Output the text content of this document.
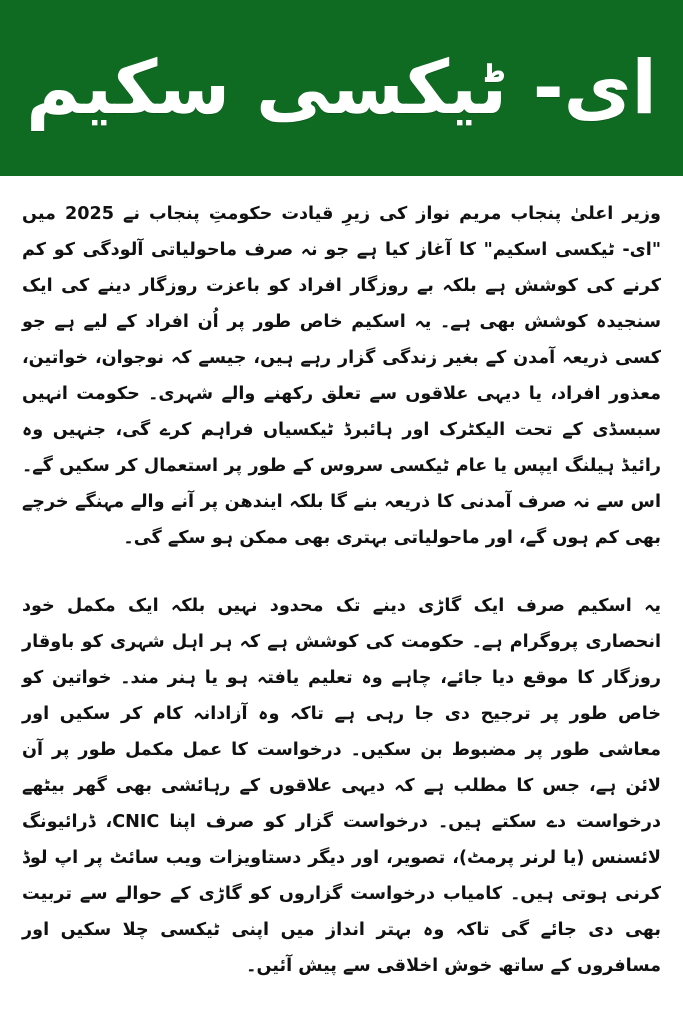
ای- ٹیکسی سکیم

وزیر اعلیٰ پنجاب مریم نواز کی زیرِ قیادت حکومتِ پنجاب نے 2025 میں "ای- ٹیکسی اسکیم" کا آغاز کیا ہے جو نہ صرف ماحولیاتی آلودگی کو کم کرنے کی کوشش ہے بلکہ بے روزگار افراد کو باعزت روزگار دینے کی ایک سنجیدہ کوشش بھی ہے۔ یہ اسکیم خاص طور پر اُن افراد کے لیے ہے جو کسی ذریعہ آمدن کے بغیر زندگی گزار رہے ہیں، جیسے کہ نوجوان، خواتین، معذور افراد، یا دیہی علاقوں سے تعلق رکھنے والے شہری۔ حکومت انہیں سبسڈی کے تحت الیکٹرک اور ہائبرڈ ٹیکسیاں فراہم کرے گی، جنہیں وہ رائیڈ ہیلنگ ایپس یا عام ٹیکسی سروس کے طور پر استعمال کر سکیں گے۔ اس سے نہ صرف آمدنی کا ذریعہ بنے گا بلکہ ایندھن پر آنے والے مہنگے خرچے بھی کم ہوں گے، اور ماحولیاتی بہتری بھی ممکن ہو سکے گی۔

یہ اسکیم صرف ایک گاڑی دینے تک محدود نہیں بلکہ ایک مکمل خود انحصاری پروگرام ہے۔ حکومت کی کوشش ہے کہ ہر اہل شہری کو باوقار روزگار کا موقع دیا جائے، چاہے وہ تعلیم یافتہ ہو یا ہنر مند۔ خواتین کو خاص طور پر ترجیح دی جا رہی ہے تاکہ وہ آزادانہ کام کر سکیں اور معاشی طور پر مضبوط بن سکیں۔ درخواست کا عمل مکمل طور پر آن لائن ہے، جس کا مطلب ہے کہ دیہی علاقوں کے رہائشی بھی گھر بیٹھے درخواست دے سکتے ہیں۔ درخواست گزار کو صرف اپنا CNIC، ڈرائیونگ لائسنس (یا لرنر پرمٹ)، تصویر، اور دیگر دستاویزات ویب سائٹ پر اپ لوڈ کرنی ہوتی ہیں۔ کامیاب درخواست گزاروں کو گاڑی کے حوالے سے تربیت بھی دی جائے گی تاکہ وہ بہتر انداز میں اپنی ٹیکسی چلا سکیں اور مسافروں کے ساتھ خوش اخلاقی سے پیش آئیں۔
